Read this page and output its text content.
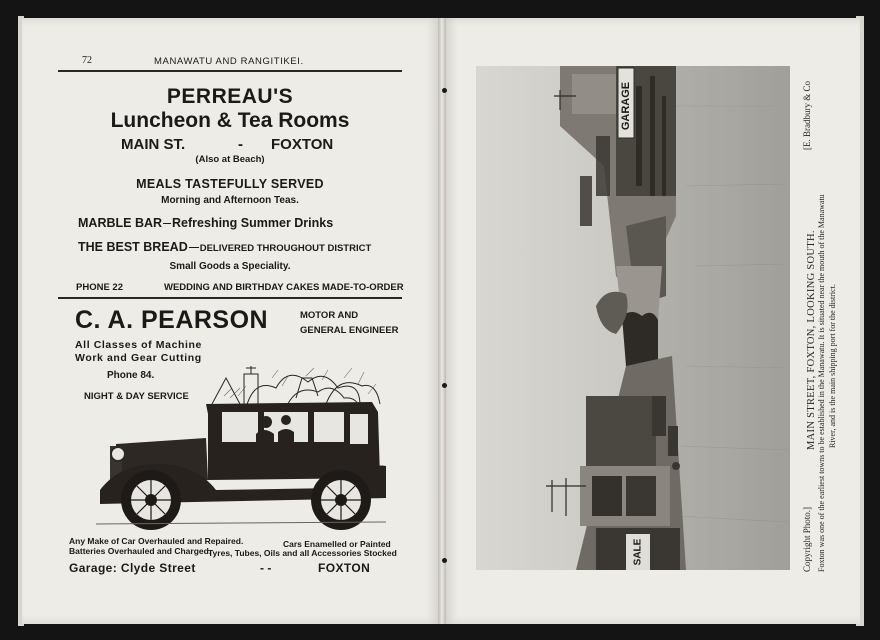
72	MANAWATU AND RANGITIKEI.
PERREAU'S
Luncheon & Tea Rooms
MAIN ST.	- FOXTON
(Also at Beach)
MEALS TASTEFULLY SERVED
Morning and Afternoon Teas.
MARBLE BAR Refreshing Summer Drinks
THE BEST BREAD DELIVERED THROUGHOUT DISTRICT
Small Goods a Speciality.
PHONE 22	WEDDING AND BIRTHDAY CAKES MADE-TO-ORDER
C. A. PEARSON	MOTOR AND
GENERAL ENGINEER
All Classes of Machine
Work and Gear Cutting
Phone 84.
NIGHT & DAY SERVICE
Any Make of Car Overhauled and Repaired.
Batteries Overhauled and Charged.
Cars Enamelled or Painted
Tyres, Tubes, Oils and all Accessories Stocked
Garage: Clyde Street	- -	FOXTON
GARAGE
SALE	Copyright Photo.]
[E. Bradbury & Co
MAIN STREET, FOXTON, LOOKING SOUTH. Foxton was one of the earliest towns to be established in the Manawatu. It is situated near the mouth of the Manawatu River, and is the main shipping port for the district.
